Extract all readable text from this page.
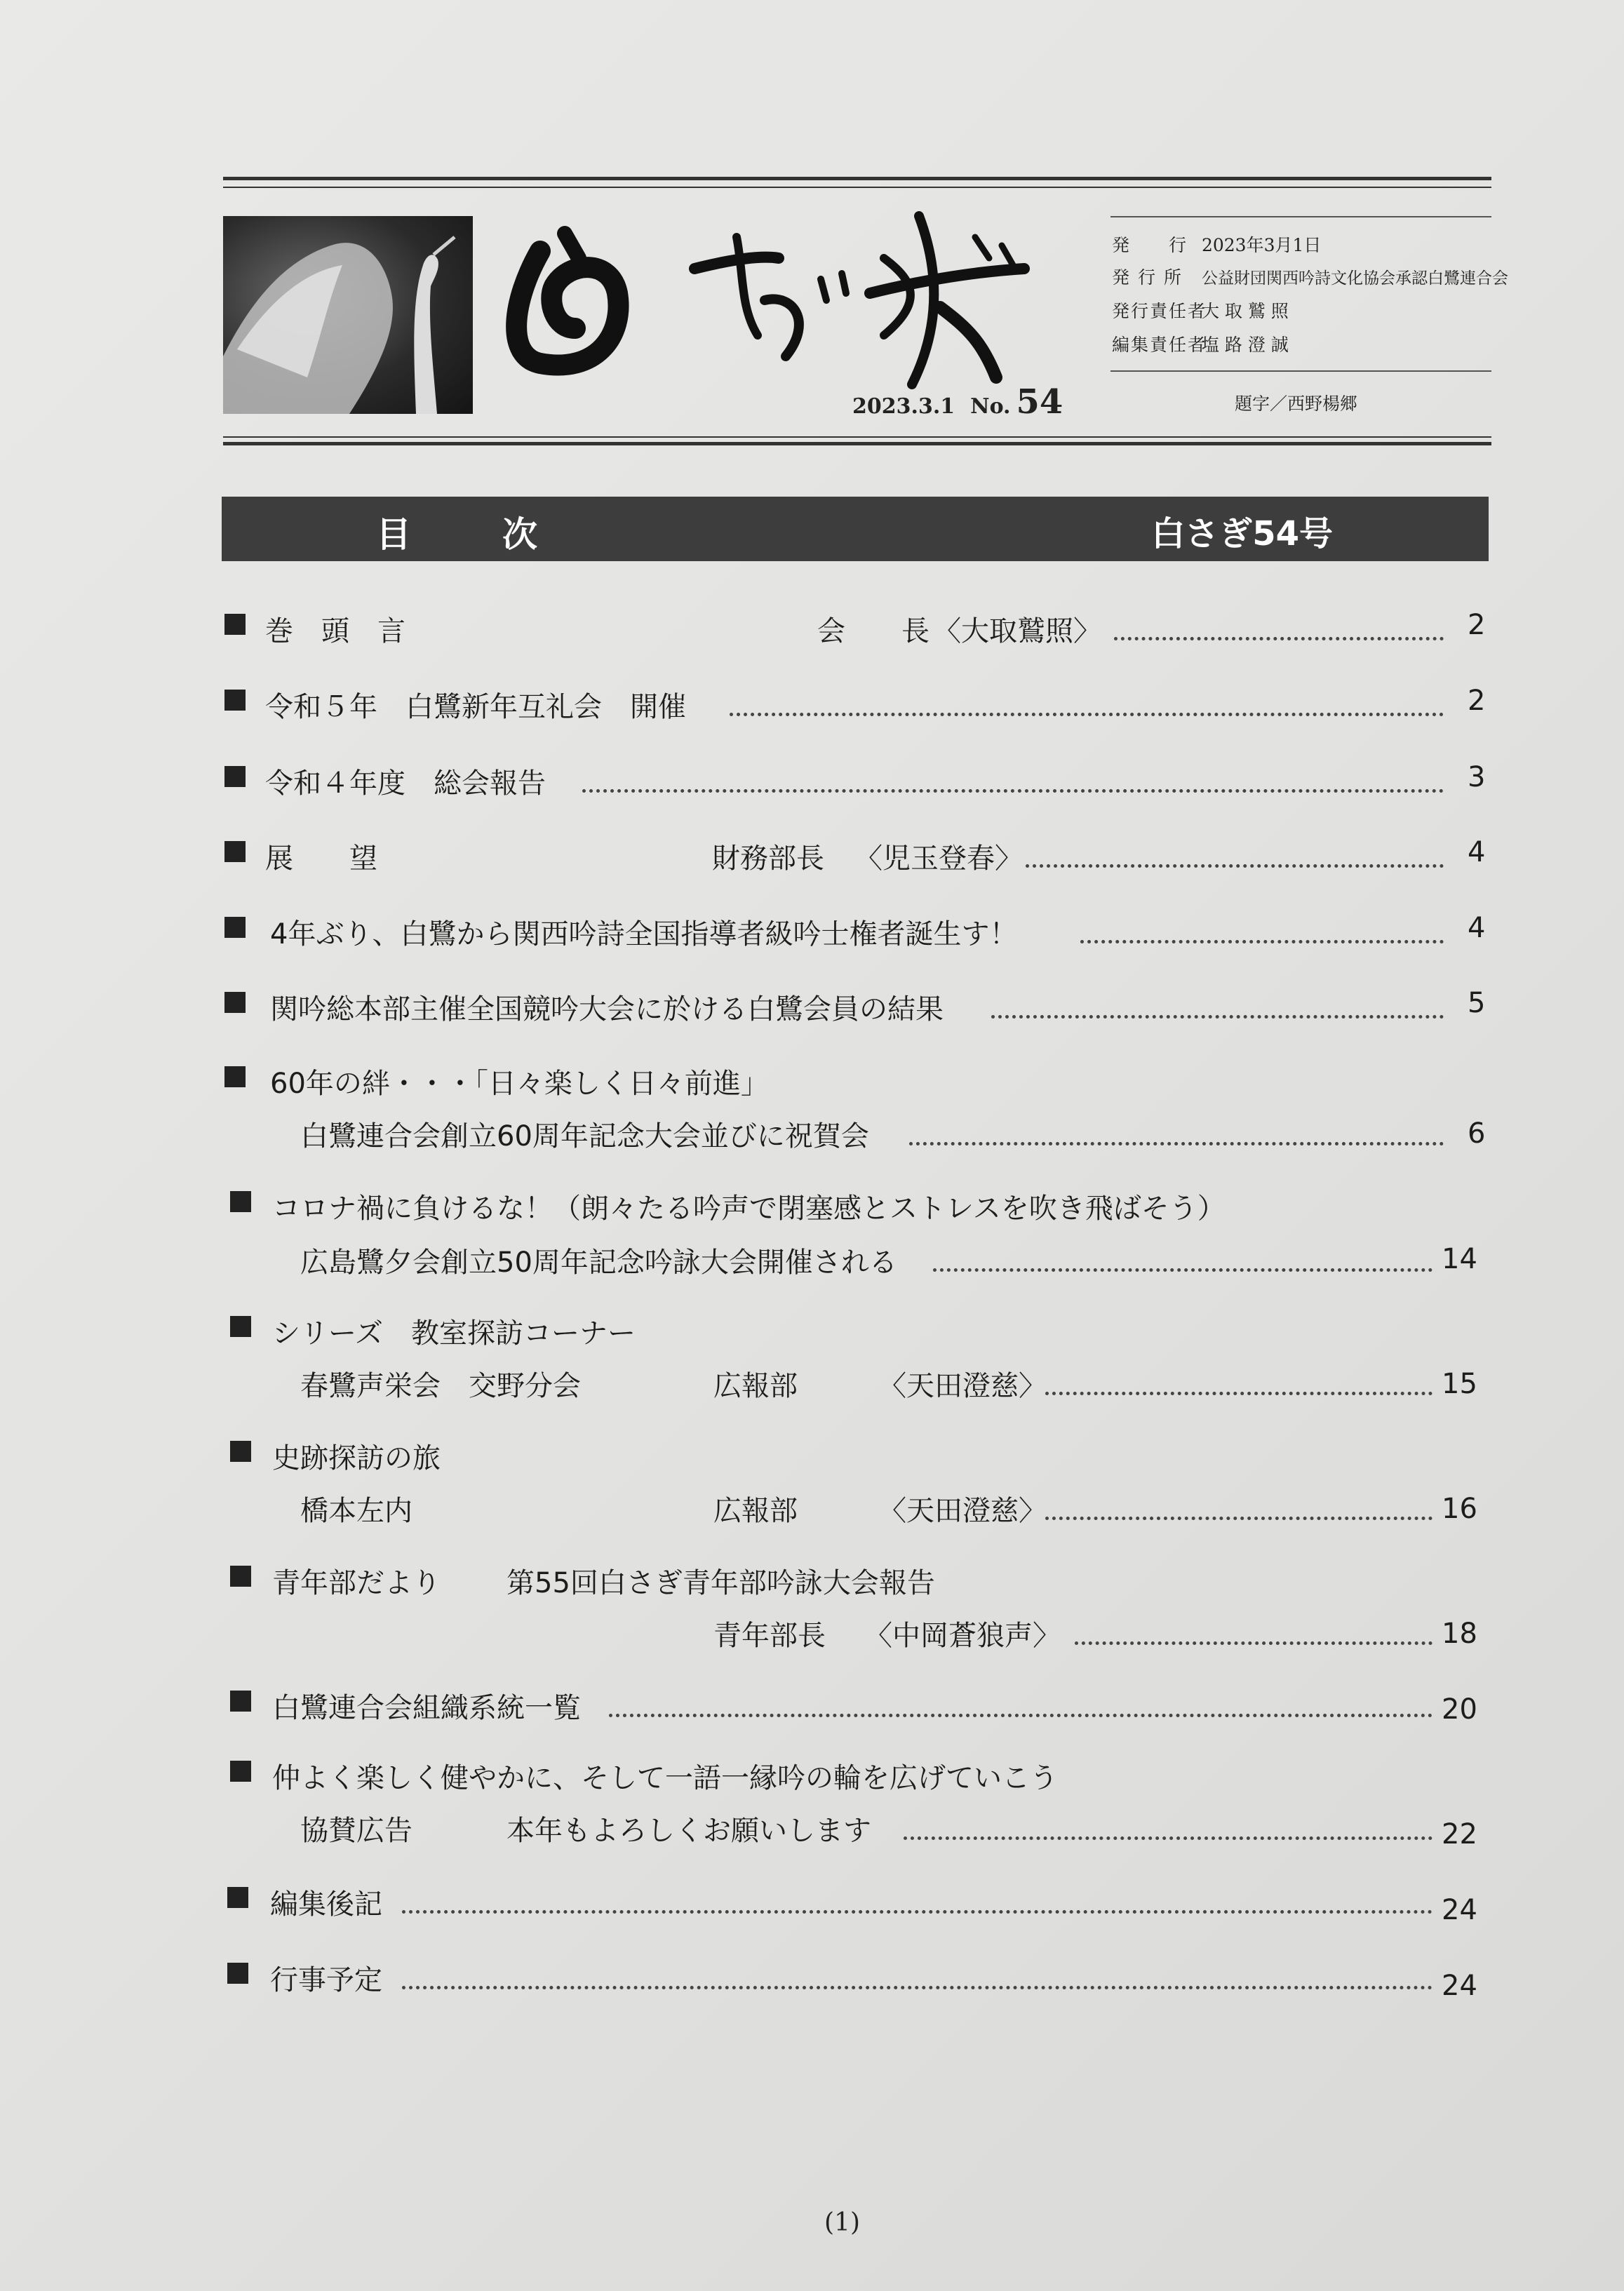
2023.3.1 No. 54
発　　行 2023年3月1日
発 行 所 公益財団関西吟詩文化協会承認白鷺連合会
発行責任者 大 取 鷲 照
編集責任者 塩 路 澄 誠
題字／西野楊郷
目次	白さぎ54号
巻　頭　言	会　　長 〈大取鷲照〉	2
令和５年　白鷺新年互礼会　開催	2
令和４年度　総会報告	3
展　　望	財務部長 〈児玉登春〉	4
4年ぶり、白鷺から関西吟詩全国指導者級吟士権者誕生す！	4
関吟総本部主催全国競吟大会に於ける白鷺会員の結果	5
60年の絆・・・「日々楽しく日々前進」
白鷺連合会創立60周年記念大会並びに祝賀会	6
コロナ禍に負けるな！（朗々たる吟声で閉塞感とストレスを吹き飛ばそう）
広島鷺夕会創立50周年記念吟詠大会開催される	14
シリーズ　教室探訪コーナー
春鷺声栄会　交野分会	広報部	〈天田澄慈〉	15
史跡探訪の旅
橋本左内	広報部	〈天田澄慈〉	16
青年部だより 第55回白さぎ青年部吟詠大会報告
青年部長 〈中岡蒼狼声〉	18
白鷺連合会組織系統一覧	20
仲よく楽しく健やかに、そして一語一縁吟の輪を広げていこう
協賛広告	本年もよろしくお願いします	22
編集後記	24
行事予定	24
(1)
